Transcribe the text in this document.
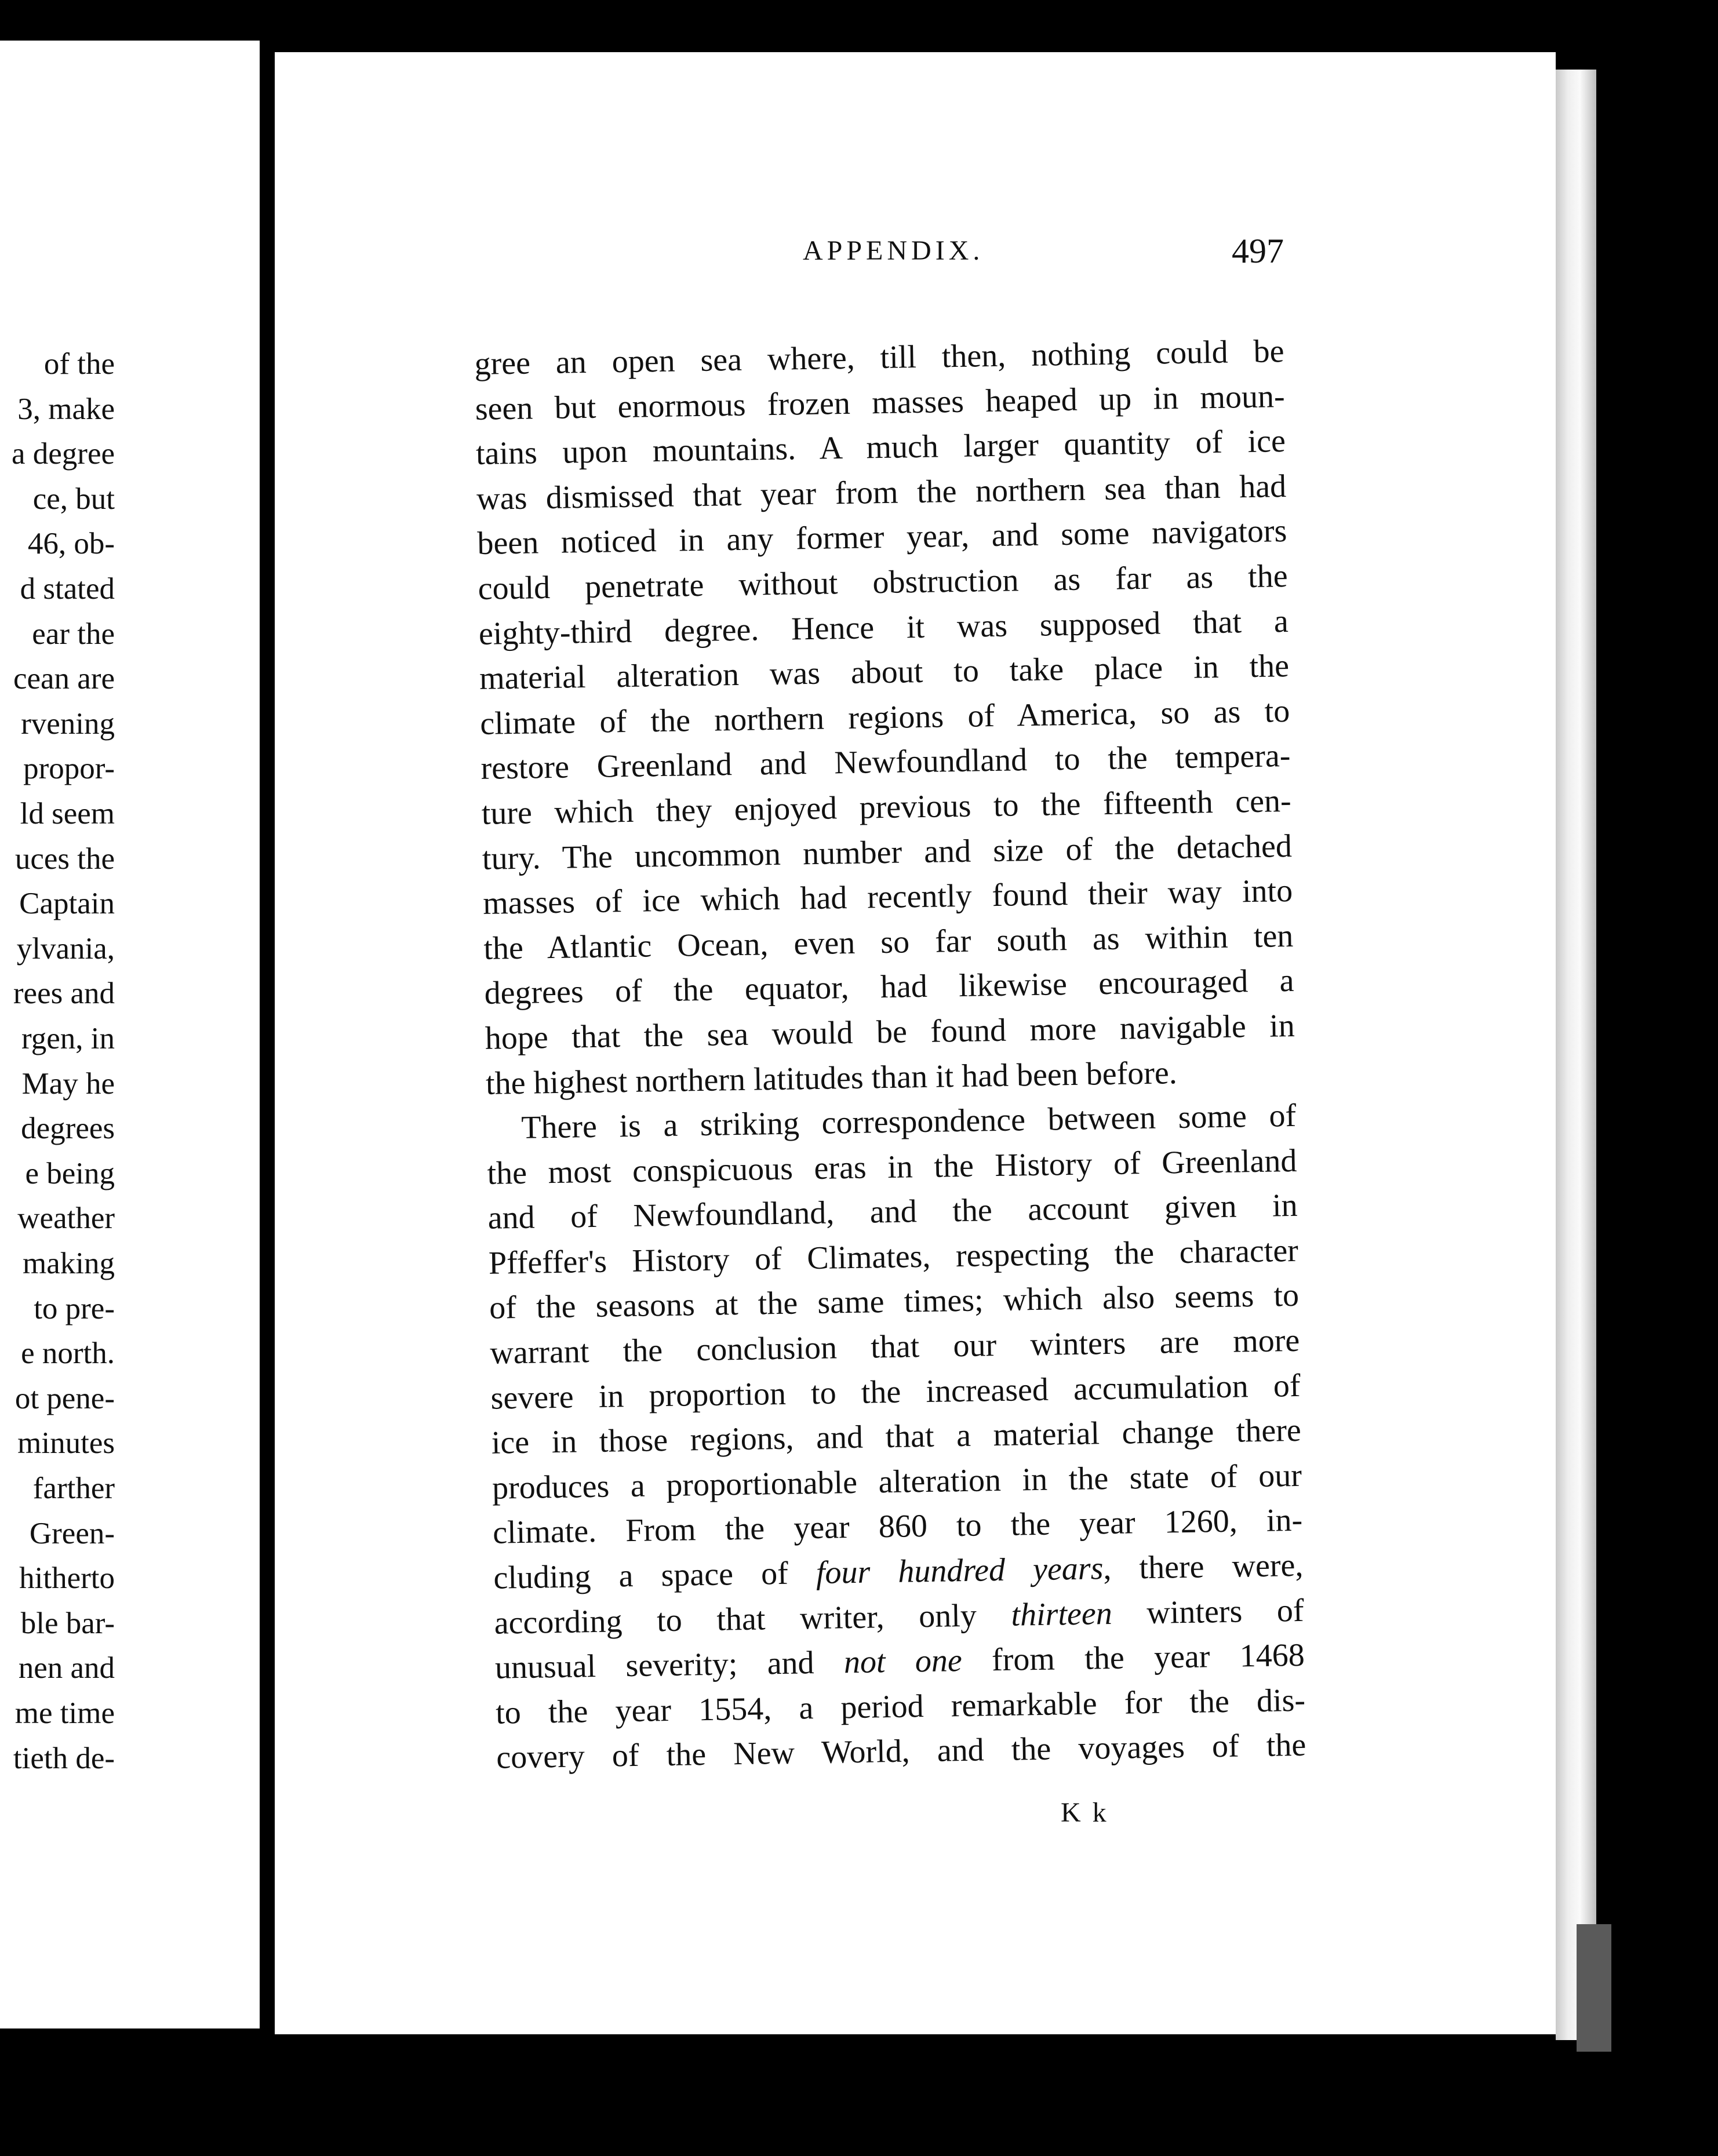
of the
3, make
a degree
ce, but
46, ob-
d stated
ear the
cean are
rvening
propor-
ld seem
uces the
Captain
ylvania,
rees and
rgen, in
May he
degrees
e being
weather
making
to pre-
e north.
ot pene-
minutes
farther
Green-
hitherto
ble bar-
nen and
me time
tieth de-
APPENDIX.	497
gree an open sea where, till then, nothing could be
seen but enormous frozen masses heaped up in moun-
tains upon mountains. A much larger quantity of ice
was dismissed that year from the northern sea than had
been noticed in any former year, and some navigators
could penetrate without obstruction as far as the
eighty-third degree. Hence it was supposed that a
material alteration was about to take place in the
climate of the northern regions of America, so as to
restore Greenland and Newfoundland to the tempera-
ture which they enjoyed previous to the fifteenth cen-
tury. The uncommon number and size of the detached
masses of ice which had recently found their way into
the Atlantic Ocean, even so far south as within ten
degrees of the equator, had likewise encouraged a
hope that the sea would be found more navigable in
the highest northern latitudes than it had been before.
There is a striking correspondence between some of
the most conspicuous eras in the History of Greenland
and of Newfoundland, and the account given in
Pffeffer's History of Climates, respecting the character
of the seasons at the same times; which also seems to
warrant the conclusion that our winters are more
severe in proportion to the increased accumulation of
ice in those regions, and that a material change there
produces a proportionable alteration in the state of our
climate. From the year 860 to the year 1260, in-
cluding a space of four hundred years, there were,
according to that writer, only thirteen winters of
unusual severity; and not one from the year 1468
to the year 1554, a period remarkable for the dis-
covery of the New World, and the voyages of the
K k
